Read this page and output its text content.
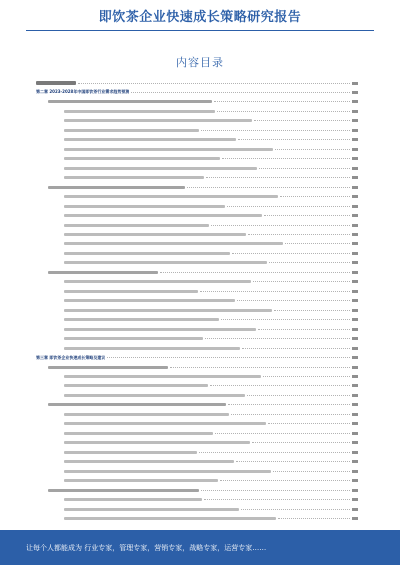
即饮茶企业快速成长策略研究报告
内容目录
第二章 2023-2028年中国即饮茶行业需求趋势预测
第三章 即饮茶企业快速成长策略及建议
让每个人都能成为 行业专家，管理专家，营销专家，战略专家，运营专家……
